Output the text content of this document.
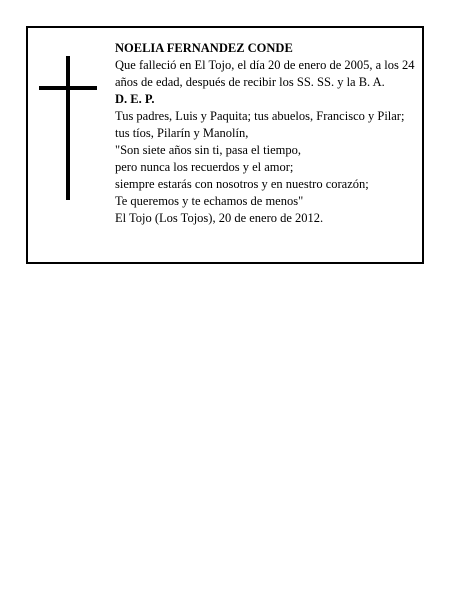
NOELIA FERNANDEZ CONDE

Que falleció en El Tojo, el día 20 de enero de 2005, a los 24 años de edad, después de recibir los SS. SS. y la B. A.

D. E. P.

Tus padres, Luis y Paquita; tus abuelos, Francisco y Pilar; tus tíos, Pilarín y Manolín,

"Son siete años sin ti, pasa el tiempo,

pero nunca los recuerdos y el amor;

siempre estarás con nosotros y en nuestro corazón;

Te queremos y te echamos de menos"

El Tojo (Los Tojos), 20 de enero de 2012.
